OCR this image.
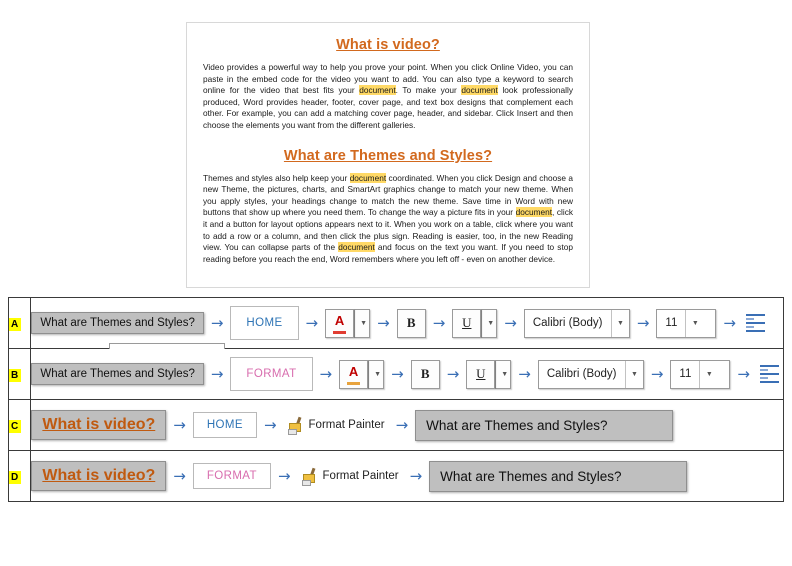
What is video?

Video provides a powerful way to help you prove your point. When you click Online Video, you can paste in the embed code for the video you want to add. You can also type a keyword to search online for the video that best fits your document. To make your document look professionally produced, Word provides header, footer, cover page, and text box designs that complement each other. For example, you can add a matching cover page, header, and sidebar. Click Insert and then choose the elements you want from the different galleries.

What are Themes and Styles?

Themes and styles also help keep your document coordinated. When you click Design and choose a new Theme, the pictures, charts, and SmartArt graphics change to match your new theme. When you apply styles, your headings change to match the new theme. Save time in Word with new buttons that show up where you need them. To change the way a picture fits in your document, click it and a button for layout options appears next to it. When you work on a table, click where you want to add a row or a column, and then click the plus sign. Reading is easier, too, in the new Reading view. You can collapse parts of the document and focus on the text you want. If you need to stop reading before you reach the end, Word remembers where you left off - even on another device.

A	What are Themes and Styles?	→	HOME	→	A ▼ →	B	→	U ▼ →	Calibri (Body)	▼ →	11	▼	→

B	What are Themes and Styles?	→	FORMAT	→	A ▼ →	B	→	U ▼ →	Calibri (Body)	▼ →	11	▼	→

C	What is video?	→	HOME	→	Format Painter →	What are Themes and Styles?

D	What is video?	→	FORMAT	→	Format Painter →	What are Themes and Styles?
